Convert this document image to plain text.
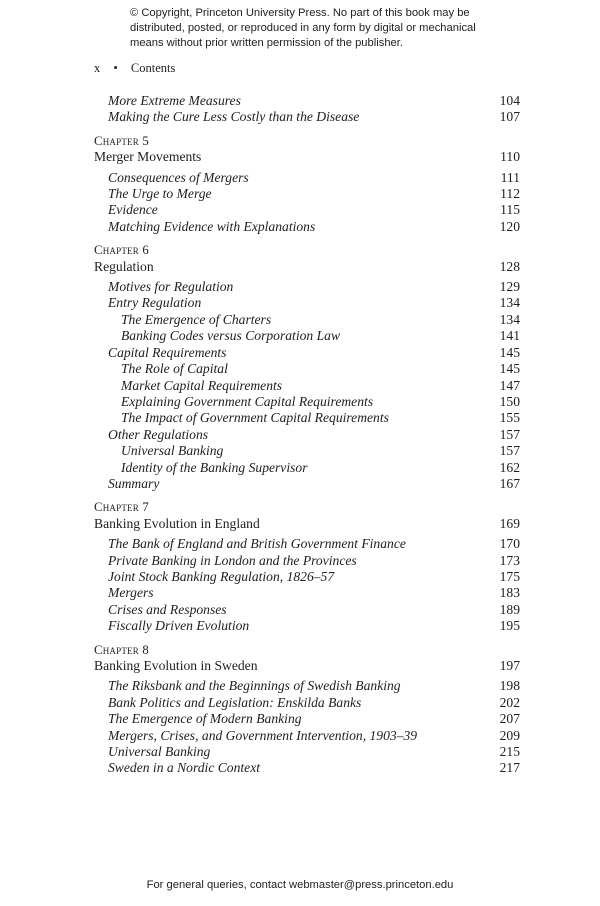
© Copyright, Princeton University Press. No part of this book may be distributed, posted, or reproduced in any form by digital or mechanical means without prior written permission of the publisher.
x • Contents
More Extreme Measures	104
Making the Cure Less Costly than the Disease	107
Chapter 5
Merger Movements	110
Consequences of Mergers	111
The Urge to Merge	112
Evidence	115
Matching Evidence with Explanations	120
Chapter 6
Regulation	128
Motives for Regulation	129
Entry Regulation	134
The Emergence of Charters	134
Banking Codes versus Corporation Law	141
Capital Requirements	145
The Role of Capital	145
Market Capital Requirements	147
Explaining Government Capital Requirements	150
The Impact of Government Capital Requirements	155
Other Regulations	157
Universal Banking	157
Identity of the Banking Supervisor	162
Summary	167
Chapter 7
Banking Evolution in England	169
The Bank of England and British Government Finance	170
Private Banking in London and the Provinces	173
Joint Stock Banking Regulation, 1826–57	175
Mergers	183
Crises and Responses	189
Fiscally Driven Evolution	195
Chapter 8
Banking Evolution in Sweden	197
The Riksbank and the Beginnings of Swedish Banking	198
Bank Politics and Legislation: Enskilda Banks	202
The Emergence of Modern Banking	207
Mergers, Crises, and Government Intervention, 1903–39	209
Universal Banking	215
Sweden in a Nordic Context	217
For general queries, contact webmaster@press.princeton.edu
